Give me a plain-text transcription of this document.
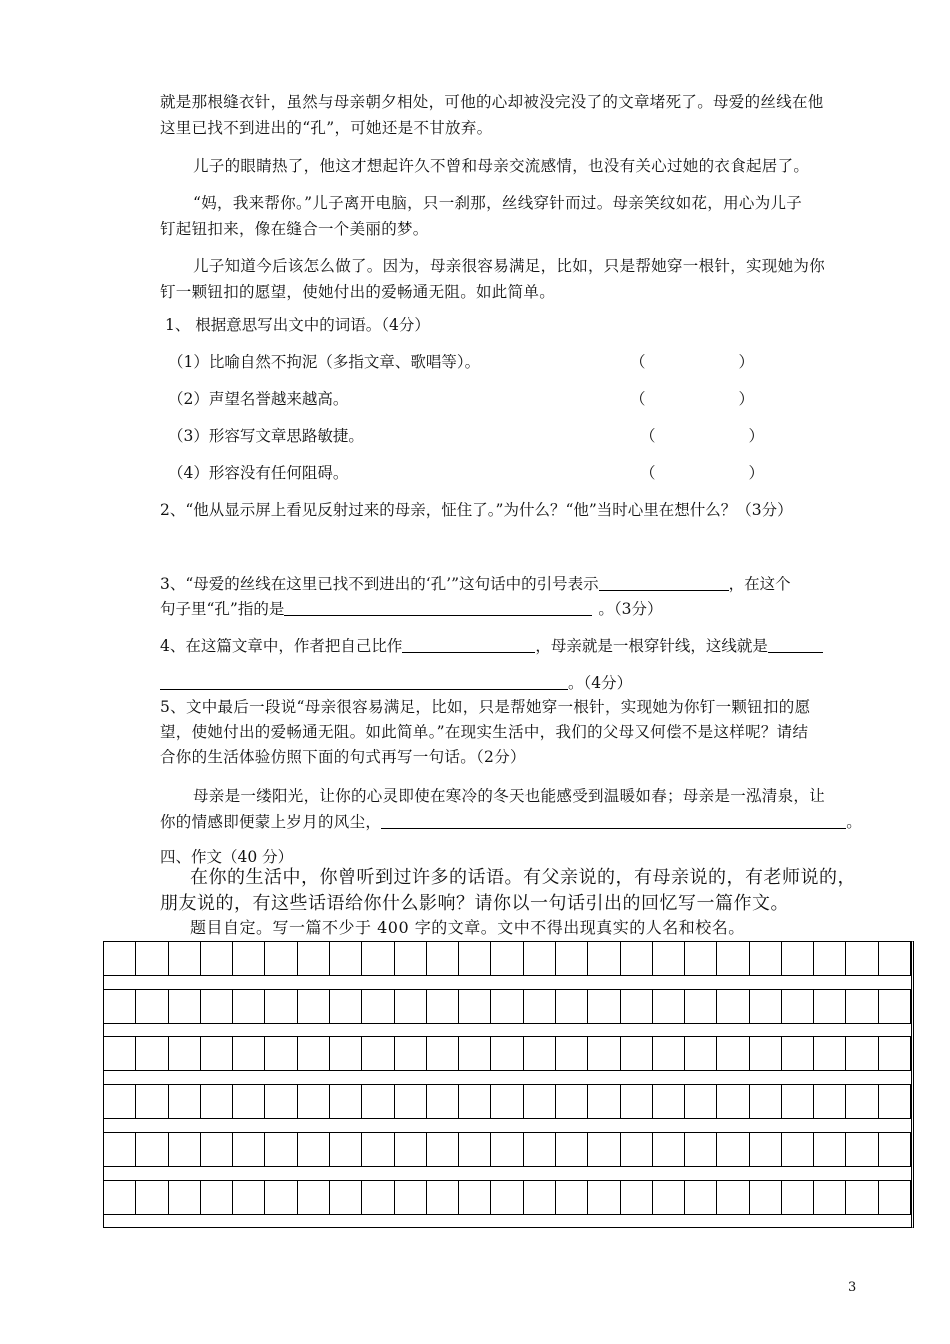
就是那根缝衣针，虽然与母亲朝夕相处，可他的心却被没完没了的文章堵死了。母爱的丝线在他
这里已找不到进出的“孔”，可她还是不甘放弃。
儿子的眼睛热了，他这才想起许久不曾和母亲交流感情，也没有关心过她的衣食起居了。
“妈，我来帮你。”儿子离开电脑，只一刹那，丝线穿针而过。母亲笑纹如花，用心为儿子
钉起钮扣来，像在缝合一个美丽的梦。
儿子知道今后该怎么做了。因为，母亲很容易满足，比如，只是帮她穿一根针，实现她为你
钉一颗钮扣的愿望，使她付出的爱畅通无阻。如此简单。
1、 根据意思写出文中的词语。（4分）
（1）比喻自然不拘泥（多指文章、歌唱等）。	（　　　　　　）
（2）声望名誉越来越高。	（　　　　　　）
（3）形容写文章思路敏捷。	（　　　　　　）
（4）形容没有任何阻碍。	（　　　　　　）
2、“他从显示屏上看见反射过来的母亲，怔住了。”为什么？“他”当时心里在想什么？（3分）
3、“母爱的丝线在这里已找不到进出的‘孔’”这句话中的引号表示	，在这个
句子里“孔”指的是	。（3分）
4、在这篇文章中，作者把自己比作	，母亲就是一根穿针线，这线就是
。（4分）
5、文中最后一段说“母亲很容易满足，比如，只是帮她穿一根针，实现她为你钉一颗钮扣的愿
望，使她付出的爱畅通无阻。如此简单。”在现实生活中，我们的父母又何偿不是这样呢？请结
合你的生活体验仿照下面的句式再写一句话。（2分）
母亲是一缕阳光，让你的心灵即使在寒冷的冬天也能感受到温暖如春；母亲是一泓清泉，让
你的情感即便蒙上岁月的风尘，	。
四、作文（40 分）
在你的生活中，你曾听到过许多的话语。有父亲说的，有母亲说的，有老师说的，
朋友说的，有这些话语给你什么影响？请你以一句话引出的回忆写一篇作文。
题目自定。写一篇不少于 400 字的文章。文中不得出现真实的人名和校名。
3
